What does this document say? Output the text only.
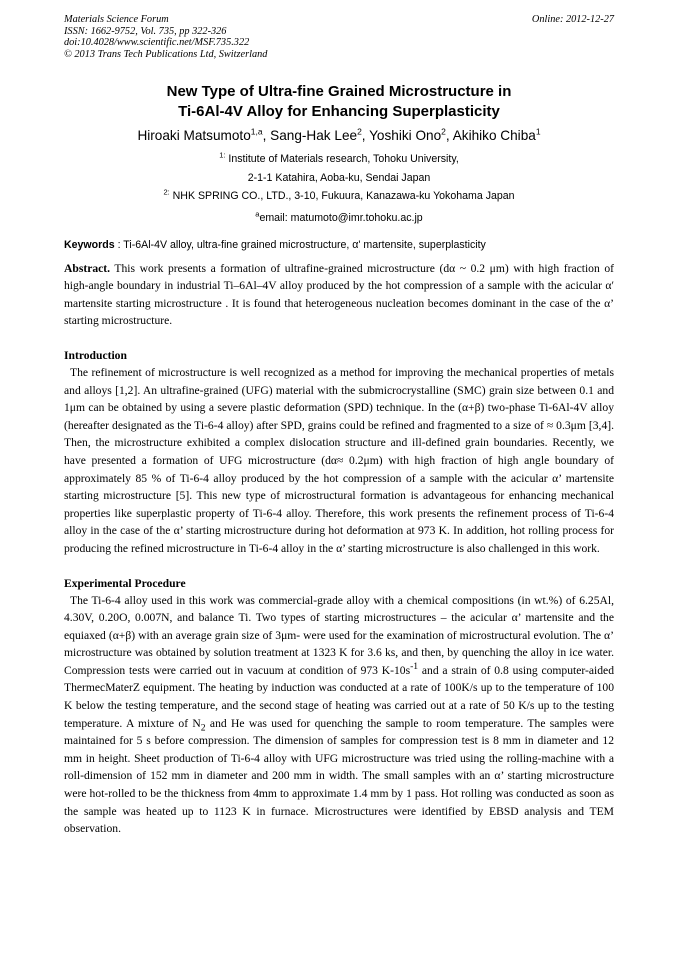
Materials Science Forum
ISSN: 1662-9752, Vol. 735, pp 322-326
doi:10.4028/www.scientific.net/MSF.735.322
© 2013 Trans Tech Publications Ltd, Switzerland
Online: 2012-12-27
New Type of Ultra-fine Grained Microstructure in
Ti-6Al-4V Alloy for Enhancing Superplasticity
Hiroaki Matsumoto$^{1,a}$, Sang-Hak Lee$^2$, Yoshiki Ono$^2$, Akihiko Chiba$^1$
$^{1:}$ Institute of Materials research, Tohoku University,
2-1-1 Katahira, Aoba-ku, Sendai Japan
$^{2:}$ NHK SPRING CO., LTD., 3-10, Fukuura, Kanazawa-ku Yokohama Japan
$^a$email: matumoto@imr.tohoku.ac.jp
Keywords : Ti-6Al-4V alloy, ultra-fine grained microstructure, α' martensite, superplasticity
Abstract. This work presents a formation of ultrafine-grained microstructure (dα ~ 0.2 μm) with high fraction of high-angle boundary in industrial Ti–6Al–4V alloy produced by the hot compression of a sample with the acicular α′ martensite starting microstructure . It is found that heterogeneous nucleation becomes dominant in the case of the α’ starting microstructure.
Introduction
The refinement of microstructure is well recognized as a method for improving the mechanical properties of metals and alloys [1,2]. An ultrafine-grained (UFG) material with the submicrocrystalline (SMC) grain size between 0.1 and 1μm can be obtained by using a severe plastic deformation (SPD) technique. In the (α+β) two-phase Ti-6Al-4V alloy (hereafter designated as the Ti-6-4 alloy) after SPD, grains could be refined and fragmented to a size of ≈ 0.3μm [3,4]. Then, the microstructure exhibited a complex dislocation structure and ill-defined grain boundaries. Recently, we have presented a formation of UFG microstructure (dα≈ 0.2μm) with high fraction of high angle boundary of approximately 85 % of Ti-6-4 alloy produced by the hot compression of a sample with the acicular α’ martensite starting microstructure [5]. This new type of microstructural formation is advantageous for enhancing mechanical properties like superplastic property of Ti-6-4 alloy. Therefore, this work presents the refinement process of Ti-6-4 alloy in the case of the α’ starting microstructure during hot deformation at 973 K. In addition, hot rolling process for producing the refined microstructure in Ti-6-4 alloy in the α’ starting microstructure is also challenged in this work.
Experimental Procedure
The Ti-6-4 alloy used in this work was commercial-grade alloy with a chemical compositions (in wt.%) of 6.25Al, 4.30V, 0.20O, 0.007N, and balance Ti. Two types of starting microstructures – the acicular α’ martensite and the equiaxed (α+β) with an average grain size of 3μm- were used for the examination of microstructural evolution. The α’ microstructure was obtained by solution treatment at 1323 K for 3.6 ks, and then, by quenching the alloy in ice water. Compression tests were carried out in vacuum at condition of 973 $K-10s^{-1}$ and a strain of 0.8 using computer-aided ThermecMaterZ equipment. The heating by induction was conducted at a rate of 100K/s up to the temperature of 100 K below the testing temperature, and the second stage of heating was carried out at a rate of 50 K/s up to the testing temperature. A mixture of $N_2$ and He was used for quenching the sample to room temperature. The samples were maintained for 5 s before compression. The dimension of samples for compression test is 8 mm in diameter and 12 mm in height. Sheet production of Ti-6-4 alloy with UFG microstructure was tried using the rolling-machine with a roll-dimension of 152 mm in diameter and 200 mm in width. The small samples with an α’ starting microstructure were hot-rolled to be the thickness from 4mm to approximate 1.4 mm by 1 pass. Hot rolling was conducted as soon as the sample was heated up to 1123 K in furnace. Microstructures were identified by EBSD analysis and TEM observation.
